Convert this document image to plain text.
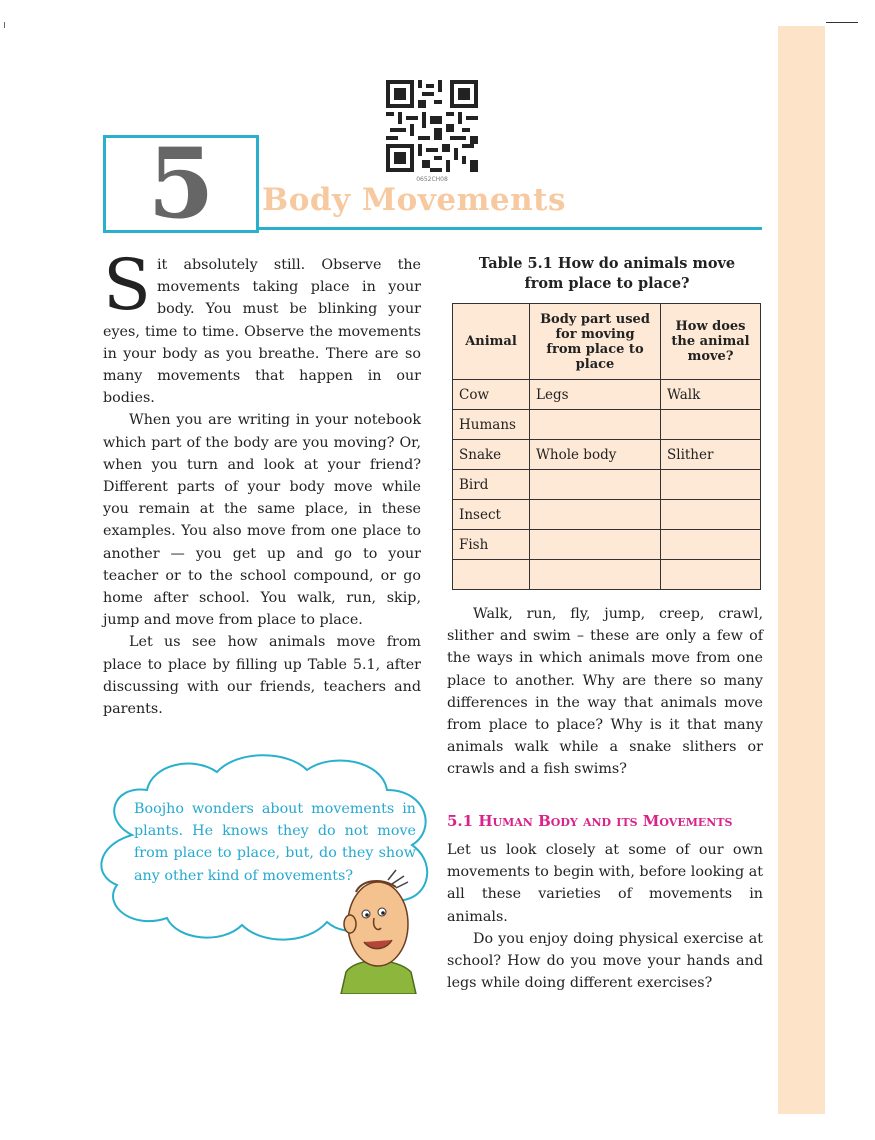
0652CH08
5	Body Movements

Sit absolutely still. Observe the movements taking place in your body. You must be blinking your eyes, time to time. Observe the movements in your body as you breathe. There are so many movements that happen in our bodies.

When you are writing in your notebook which part of the body are you moving? Or, when you turn and look at your friend? Different parts of your body move while you remain at the same place, in these examples. You also move from one place to another — you get up and go to your teacher or to the school compound, or go home after school. You walk, run, skip, jump and move from place to place.

Let us see how animals move from place to place by filling up Table 5.1, after discussing with our friends, teachers and parents.

Boojho wonders about movements in plants. He knows they do not move from place to place, but, do they show any other kind of movements?

Table 5.1 How do animals move
from place to place?

Animal	Body part used for moving from place to place	How does the animal move?
Cow	Legs	Walk
Humans		
Snake	Whole body	Slither
Bird		
Insect		
Fish		

Walk, run, fly, jump, creep, crawl, slither and swim – these are only a few of the ways in which animals move from one place to another. Why are there so many differences in the way that animals move from place to place? Why is it that many animals walk while a snake slithers or crawls and a fish swims?

5.1 Human Body and its Movements

Let us look closely at some of our own movements to begin with, before looking at all these varieties of movements in animals.

Do you enjoy doing physical exercise at school? How do you move your hands and legs while doing different exercises?
